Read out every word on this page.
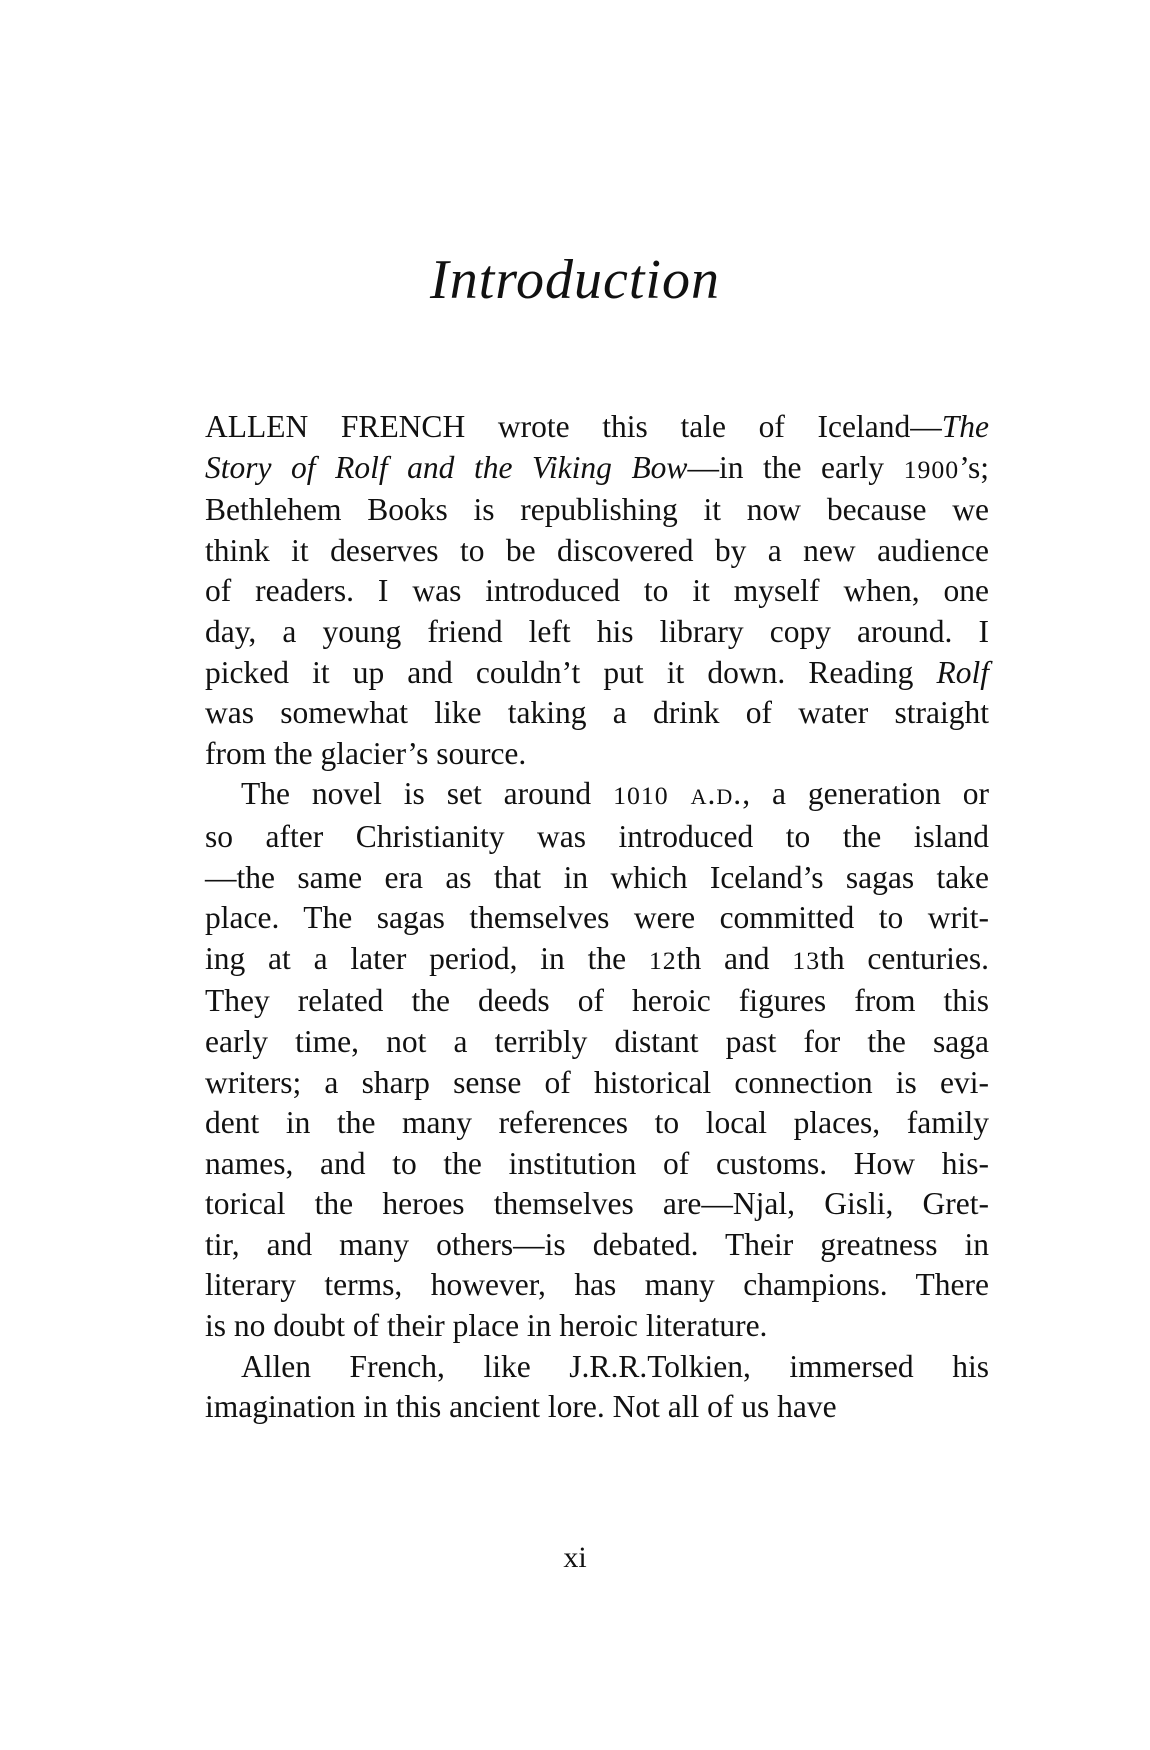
Introduction

ALLEN FRENCH wrote this tale of Iceland—The
Story of Rolf and the Viking Bow—in the early 1900’s;
Bethlehem Books is republishing it now because we
think it deserves to be discovered by a new audience
of readers. I was introduced to it myself when, one
day, a young friend left his library copy around. I
picked it up and couldn’t put it down. Reading Rolf
was somewhat like taking a drink of water straight
from the glacier’s source.

The novel is set around 1010 a.d., a generation or
so after Christianity was introduced to the island
—the same era as that in which Iceland’s sagas take
place. The sagas themselves were committed to writ-
ing at a later period, in the 12th and 13th centuries.
They related the deeds of heroic figures from this
early time, not a terribly distant past for the saga
writers; a sharp sense of historical connection is evi-
dent in the many references to local places, family
names, and to the institution of customs. How his-
torical the heroes themselves are—Njal, Gisli, Gret-
tir, and many others—is debated. Their greatness in
literary terms, however, has many champions. There
is no doubt of their place in heroic literature.

Allen French, like J.R.R.Tolkien, immersed his
imagination in this ancient lore. Not all of us have

xi
